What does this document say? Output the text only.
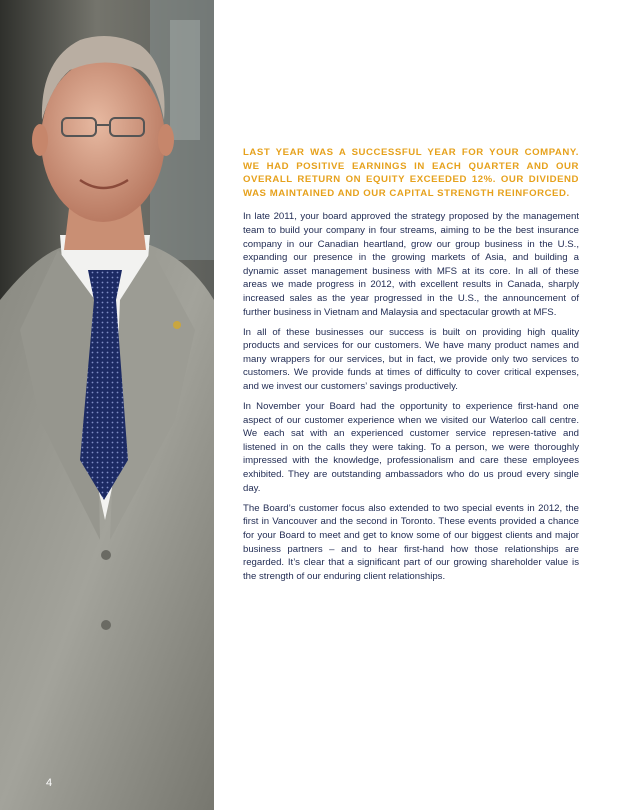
LAST YEAR WAS A SUCCESSFUL YEAR FOR YOUR COMPANY. WE HAD POSITIVE EARNINGS IN EACH QUARTER AND OUR OVERALL RETURN ON EQUITY EXCEEDED 12%. OUR DIVIDEND WAS MAINTAINED AND OUR CAPITAL STRENGTH REINFORCED.

In late 2011, your board approved the strategy proposed by the management team to build your company in four streams, aiming to be the best insurance company in our Canadian heartland, grow our group business in the U.S., expanding our presence in the growing markets of Asia, and building a dynamic asset management business with MFS at its core. In all of these areas we made progress in 2012, with excellent results in Canada, sharply increased sales as the year progressed in the U.S., the announcement of further business in Vietnam and Malaysia and spectacular growth at MFS.

In all of these businesses our success is built on providing high quality products and services for our customers. We have many product names and many wrappers for our services, but in fact, we provide only two services to customers. We provide funds at times of difficulty to cover critical expenses, and we invest our customers’ savings productively.

In November your Board had the opportunity to experience first-hand one aspect of our customer experience when we visited our Waterloo call centre. We each sat with an experienced customer service represen-tative and listened in on the calls they were taking. To a person, we were thoroughly impressed with the knowledge, professionalism and care these employees exhibited. They are outstanding ambassadors who do us proud every single day.

The Board’s customer focus also extended to two special events in 2012, the first in Vancouver and the second in Toronto. These events provided a chance for your Board to meet and get to know some of our biggest clients and major business partners – and to hear first-hand how those relationships are regarded. It’s clear that a significant part of our growing shareholder value is the strength of our enduring client relationships.

4
